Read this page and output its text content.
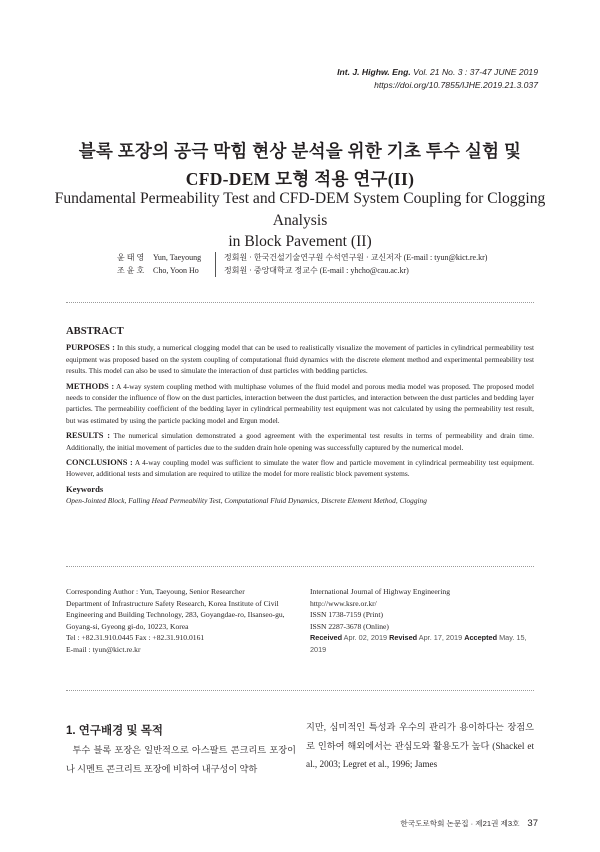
Int. J. Highw. Eng. Vol. 21 No. 3 : 37-47 JUNE 2019
https://doi.org/10.7855/IJHE.2019.21.3.037
블록 포장의 공극 막힘 현상 분석을 위한 기초 투수 실험 및
CFD-DEM 모형 적용 연구(II)
Fundamental Permeability Test and CFD-DEM System Coupling for Clogging Analysis
in Block Pavement (II)
윤 태 영	Yun, Taeyoung
조 윤 호	Cho, Yoon Ho
정회원 · 한국건설기술연구원 수석연구원 · 교신저자 (E-mail : tyun@kict.re.kr)
정회원 · 중앙대학교 정교수 (E-mail : yhcho@cau.ac.kr)
ABSTRACT

PURPOSES : In this study, a numerical clogging model that can be used to realistically visualize the movement of particles in cylindrical permeability test equipment was proposed based on the system coupling of computational fluid dynamics with the discrete element method and experimental permeability test results. This model can also be used to simulate the interaction of dust particles with bedding particles.

METHODS : A 4-way system coupling method with multiphase volumes of the fluid model and porous media model was proposed. The proposed model needs to consider the influence of flow on the dust particles, interaction between the dust particles, and interaction between the dust particles and bedding layer particles. The permeability coefficient of the bedding layer in cylindrical permeability test equipment was not calculated by using the permeability test result, but was estimated by using the particle packing model and Ergun model.

RESULTS : The numerical simulation demonstrated a good agreement with the experimental test results in terms of permeability and drain time. Additionally, the initial movement of particles due to the sudden drain hole opening was successfully captured by the numerical model.

CONCLUSIONS : A 4-way coupling model was sufficient to simulate the water flow and particle movement in cylindrical permeability test equipment. However, additional tests and simulation are required to utilize the model for more realistic block pavement systems.

Keywords
Open-Jointed Block, Falling Head Permeability Test, Computational Fluid Dynamics, Discrete Element Method, Clogging
Corresponding Author : Yun, Taeyoung, Senior Researcher
Department of Infrastructure Safety Research, Korea Institute of Civil Engineering and Building Technology, 283, Goyangdae-ro, Ilsanseo-gu, Goyang-si, Gyeong gi-do, 10223, Korea
Tel : +82.31.910.0445 Fax : +82.31.910.0161
E-mail : tyun@kict.re.kr
International Journal of Highway Engineering
http://www.ksre.or.kr/
ISSN 1738-7159 (Print)
ISSN 2287-3678 (Online)
Received Apr. 02, 2019 Revised Apr. 17, 2019 Accepted May. 15, 2019
1. 연구배경 및 목적
투수 블록 포장은 일반적으로 아스팔트 콘크리트 포장이나 시멘트 콘크리트 포장에 비하여 내구성이 약하
지만, 심미적인 특성과 우수의 관리가 용이하다는 장점으로 인하여 해외에서는 관심도와 활용도가 높다 (Shackel et al., 2003; Legret et al., 1996; James
한국도로학회 논문집 · 제21권 제3호 37
